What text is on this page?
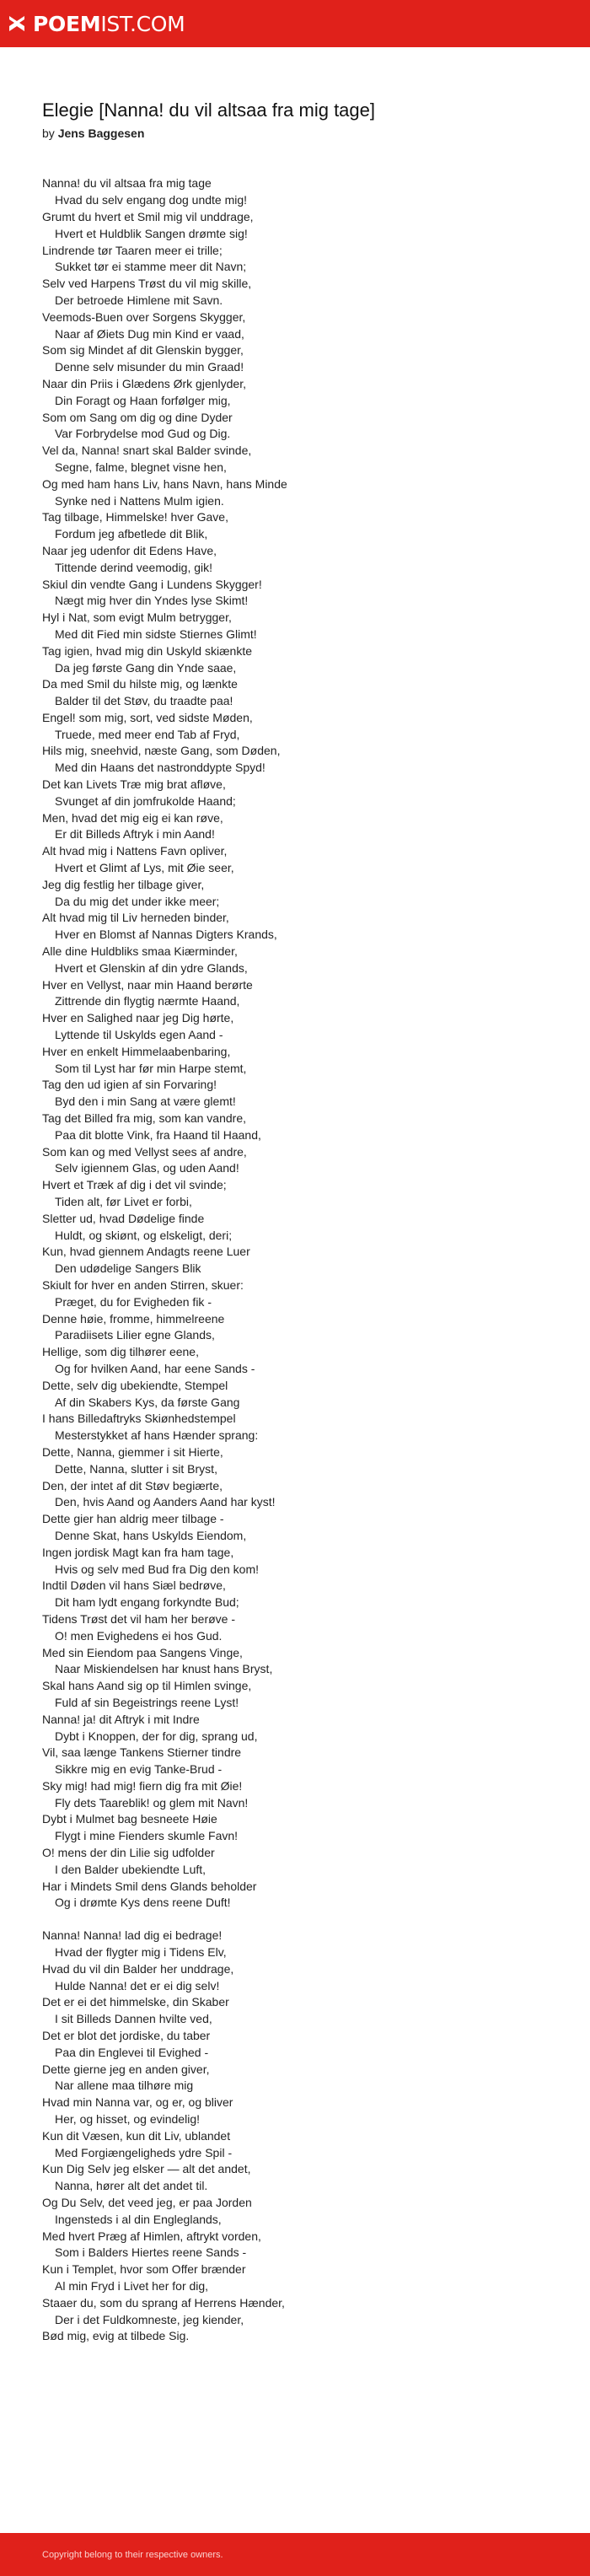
POEMIST.COM
Elegie [Nanna! du vil altsaa fra mig tage]
by Jens Baggesen
Nanna! du vil altsaa fra mig tage
Hvad du selv engang dog undte mig!
Grumt du hvert et Smil mig vil unddrage,
Hvert et Huldblik Sangen drømte sig!
Lindrende tør Taaren meer ei trille;
Sukket tør ei stamme meer dit Navn;
Selv ved Harpens Trøst du vil mig skille,
Der betroede Himlene mit Savn.
Veemods-Buen over Sorgens Skygger,
Naar af Øiets Dug min Kind er vaad,
Som sig Mindet af dit Glenskin bygger,
Denne selv misunder du min Graad!
Naar din Priis i Glædens Ørk gjenlyder,
Din Foragt og Haan forfølger mig,
Som om Sang om dig og dine Dyder
Var Forbrydelse mod Gud og Dig.
Vel da, Nanna! snart skal Balder svinde,
Segne, falme, blegnet visne hen,
Og med ham hans Liv, hans Navn, hans Minde
Synke ned i Nattens Mulm igien.
Tag tilbage, Himmelske! hver Gave,
Fordum jeg afbetlede dit Blik,
Naar jeg udenfor dit Edens Have,
Tittende derind veemodig, gik!
Skiul din vendte Gang i Lundens Skygger!
Nægt mig hver din Yndes lyse Skimt!
Hyl i Nat, som evigt Mulm betrygger,
Med dit Fied min sidste Stiernes Glimt!
Tag igien, hvad mig din Uskyld skiænkte
Da jeg første Gang din Ynde saae,
Da med Smil du hilste mig, og lænkte
Balder til det Støv, du traadte paa!
Engel! som mig, sort, ved sidste Møden,
Truede, med meer end Tab af Fryd,
Hils mig, sneehvid, næste Gang, som Døden,
Med din Haans det nastronddypte Spyd!
Det kan Livets Træ mig brat afløve,
Svunget af din jomfrukolde Haand;
Men, hvad det mig eig ei kan røve,
Er dit Billeds Aftryk i min Aand!
Alt hvad mig i Nattens Favn opliver,
Hvert et Glimt af Lys, mit Øie seer,
Jeg dig festlig her tilbage giver,
Da du mig det under ikke meer;
Alt hvad mig til Liv herneden binder,
Hver en Blomst af Nannas Digters Krands,
Alle dine Huldbliks smaa Kiærminder,
Hvert et Glenskin af din ydre Glands,
Hver en Vellyst, naar min Haand berørte
Zittrende din flygtig nærmte Haand,
Hver en Salighed naar jeg Dig hørte,
Lyttende til Uskylds egen Aand -
Hver en enkelt Himmelaabenbaring,
Som til Lyst har før min Harpe stemt,
Tag den ud igien af sin Forvaring!
Byd den i min Sang at være glemt!
Tag det Billed fra mig, som kan vandre,
Paa dit blotte Vink, fra Haand til Haand,
Som kan og med Vellyst sees af andre,
Selv igiennem Glas, og uden Aand!
Hvert et Træk af dig i det vil svinde;
Tiden alt, før Livet er forbi,
Sletter ud, hvad Dødelige finde
Huldt, og skiønt, og elskeligt, deri;
Kun, hvad giennem Andagts reene Luer
Den udødelige Sangers Blik
Skiult for hver en anden Stirren, skuer:
Præget, du for Evigheden fik -
Denne høie, fromme, himmelreene
Paradiisets Lilier egne Glands,
Hellige, som dig tilhører eene,
Og for hvilken Aand, har eene Sands -
Dette, selv dig ubekiendte, Stempel
Af din Skabers Kys, da første Gang
I hans Billedaftryks Skiønhedstempel
Mesterstykket af hans Hænder sprang:
Dette, Nanna, giemmer i sit Hierte,
Dette, Nanna, slutter i sit Bryst,
Den, der intet af dit Støv begiærte,
Den, hvis Aand og Aanders Aand har kyst!
Dette gier han aldrig meer tilbage -
Denne Skat, hans Uskylds Eiendom,
Ingen jordisk Magt kan fra ham tage,
Hvis og selv med Bud fra Dig den kom!
Indtil Døden vil hans Siæl bedrøve,
Dit ham lydt engang forkyndte Bud;
Tidens Trøst det vil ham her berøve -
O! men Evighedens ei hos Gud.
Med sin Eiendom paa Sangens Vinge,
Naar Miskiendelsen har knust hans Bryst,
Skal hans Aand sig op til Himlen svinge,
Fuld af sin Begeistrings reene Lyst!
Nanna! ja! dit Aftryk i mit Indre
Dybt i Knoppen, der for dig, sprang ud,
Vil, saa længe Tankens Stierner tindre
Sikkre mig en evig Tanke-Brud -
Sky mig! had mig! fiern dig fra mit Øie!
Fly dets Taareblik! og glem mit Navn!
Dybt i Mulmet bag besneete Høie
Flygt i mine Fienders skumle Favn!
O! mens der din Lilie sig udfolder
I den Balder ubekiendte Luft,
Har i Mindets Smil dens Glands beholder
Og i drømte Kys dens reene Duft!
Nanna! Nanna! lad dig ei bedrage!
Hvad der flygter mig i Tidens Elv,
Hvad du vil din Balder her unddrage,
Hulde Nanna! det er ei dig selv!
Det er ei det himmelske, din Skaber
I sit Billeds Dannen hvilte ved,
Det er blot det jordiske, du taber
Paa din Englevei til Evighed -
Dette gierne jeg en anden giver,
Nar allene maa tilhøre mig
Hvad min Nanna var, og er, og bliver
Her, og hisset, og evindelig!
Kun dit Væsen, kun dit Liv, ublandet
Med Forgiængeligheds ydre Spil -
Kun Dig Selv jeg elsker — alt det andet,
Nanna, hører alt det andet til.
Og Du Selv, det veed jeg, er paa Jorden
Ingensteds i al din Engleglands,
Med hvert Præg af Himlen, aftrykt vorden,
Som i Balders Hiertes reene Sands -
Kun i Templet, hvor som Offer brænder
Al min Fryd i Livet her for dig,
Staaer du, som du sprang af Herrens Hænder,
Der i det Fuldkomneste, jeg kiender,
Bød mig, evig at tilbede Sig.
Copyright belong to their respective owners.
